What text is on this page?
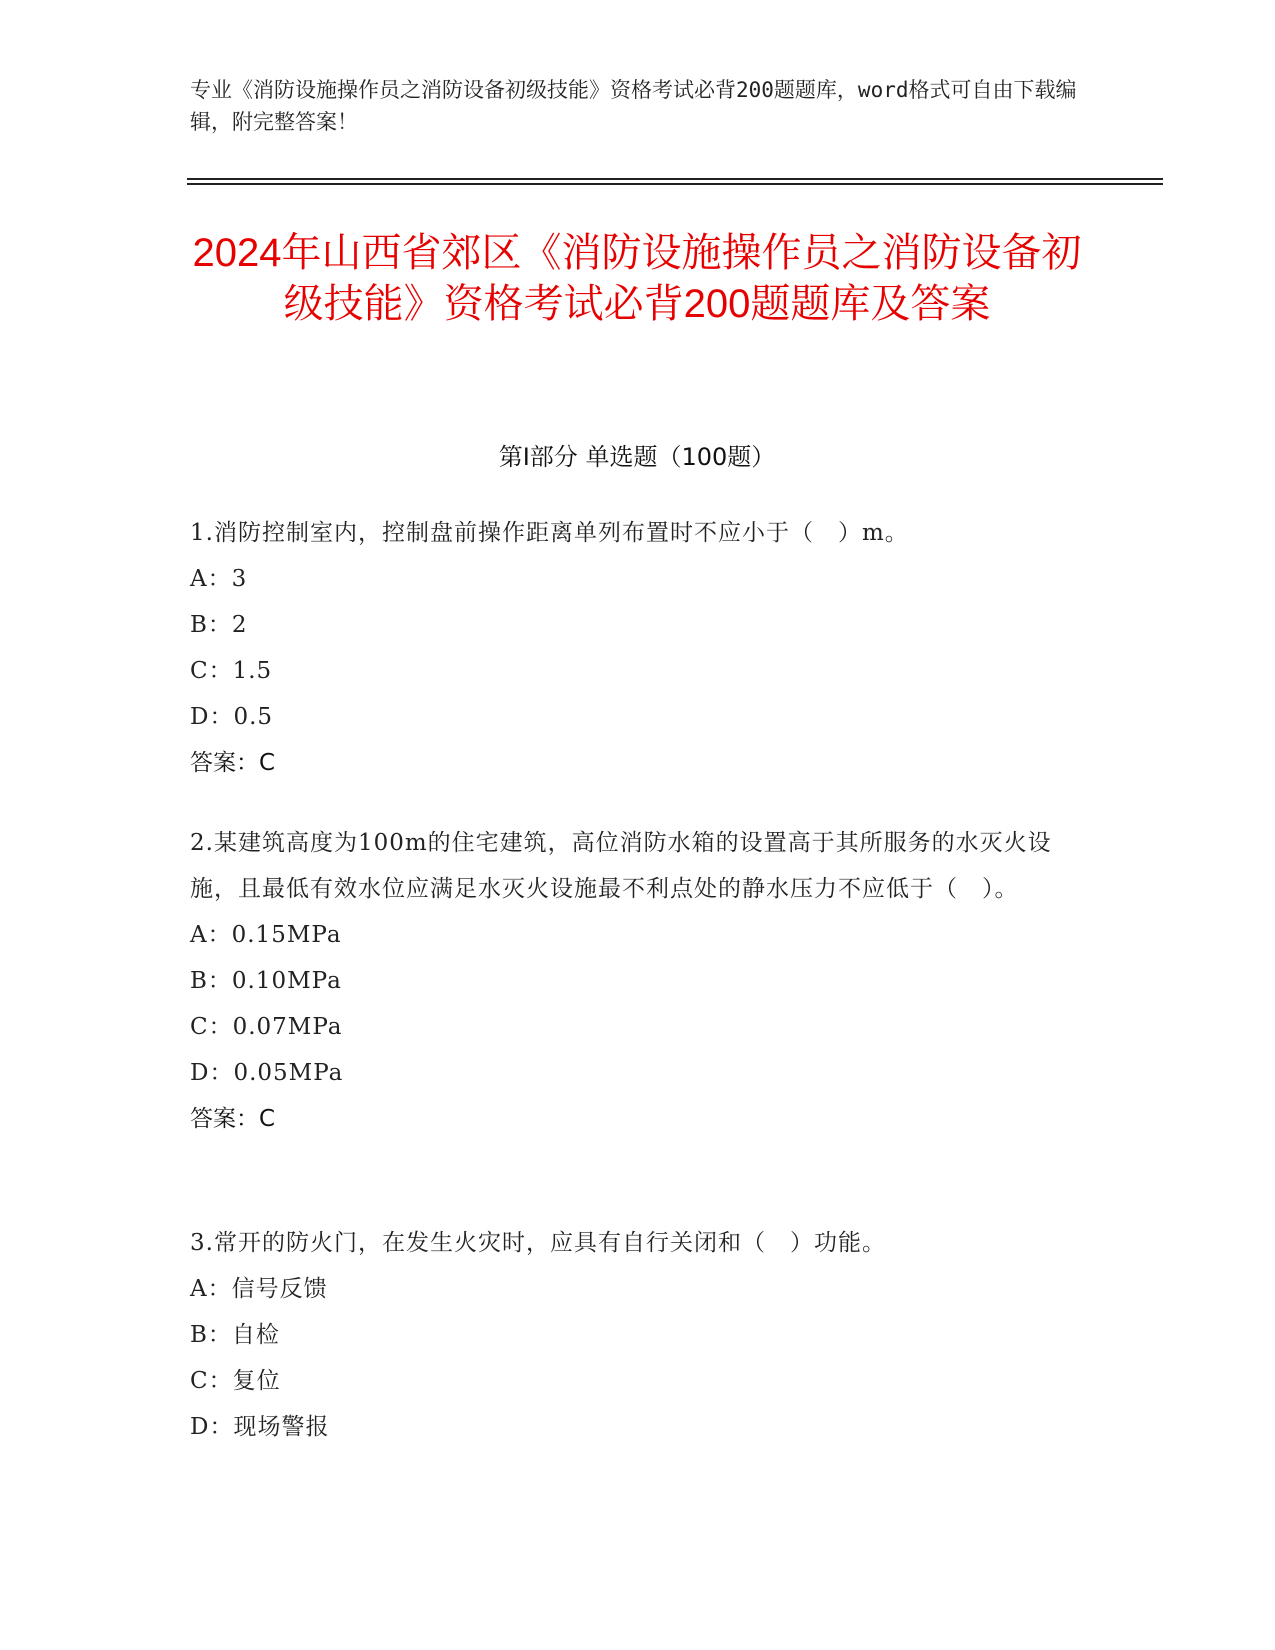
专业《消防设施操作员之消防设备初级技能》资格考试必背200题题库，word格式可自由下载编辑，附完整答案！
2024年山西省郊区《消防设施操作员之消防设备初级技能》资格考试必背200题题库及答案
第Ⅰ部分 单选题（100题）
1.消防控制室内，控制盘前操作距离单列布置时不应小于（　）m。
A：3
B：2
C：1.5
D：0.5
答案：C
2.某建筑高度为100m的住宅建筑，高位消防水箱的设置高于其所服务的水灭火设施，且最低有效水位应满足水灭火设施最不利点处的静水压力不应低于（　）。
A：0.15MPa
B：0.10MPa
C：0.07MPa
D：0.05MPa
答案：C
3.常开的防火门，在发生火灾时，应具有自行关闭和（　）功能。
A：信号反馈
B：自检
C：复位
D：现场警报
